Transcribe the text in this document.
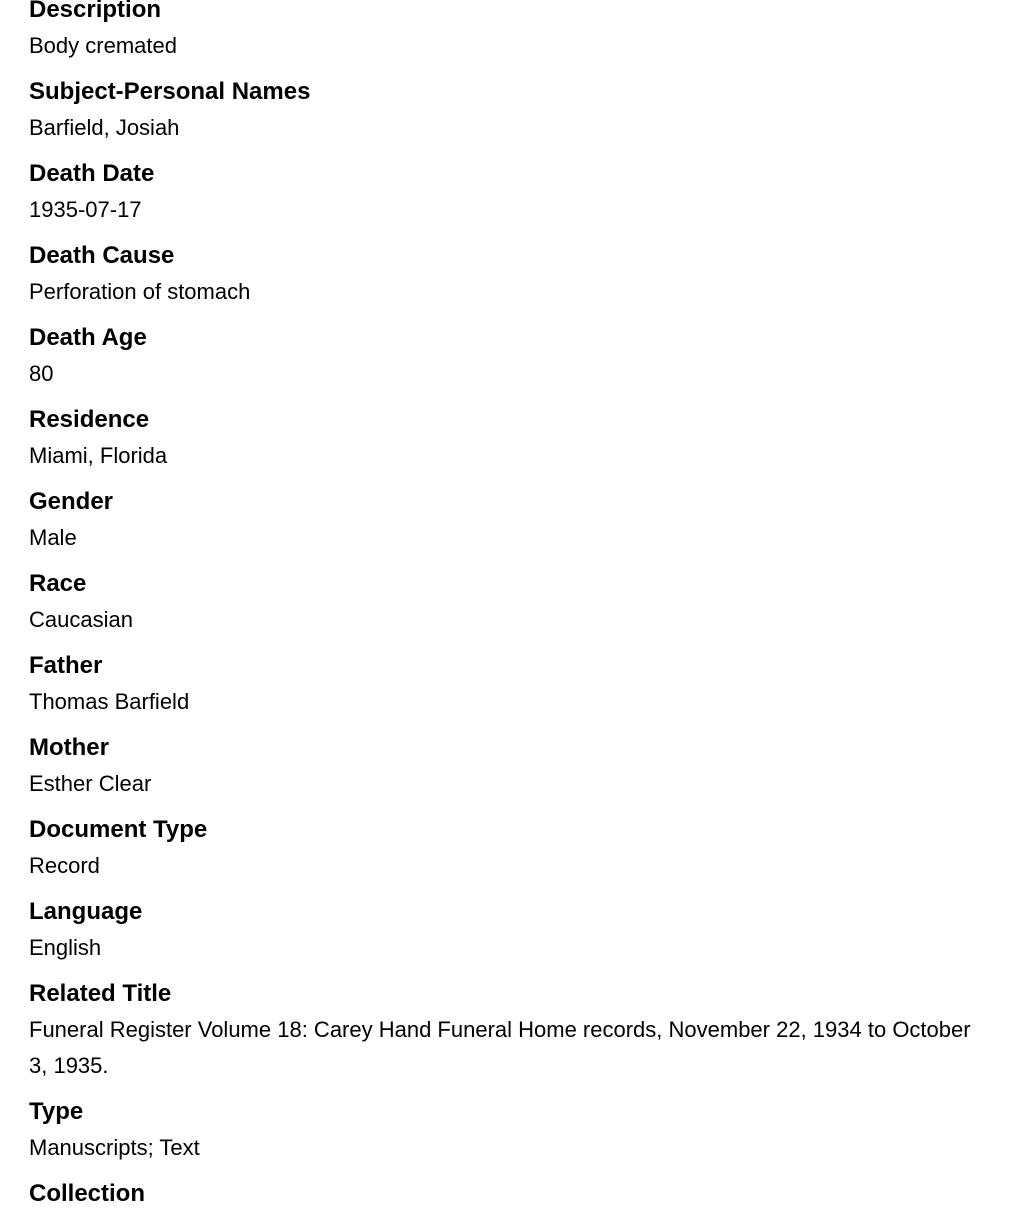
Description
Body cremated
Subject-Personal Names
Barfield, Josiah
Death Date
1935-07-17
Death Cause
Perforation of stomach
Death Age
80
Residence
Miami, Florida
Gender
Male
Race
Caucasian
Father
Thomas Barfield
Mother
Esther Clear
Document Type
Record
Language
English
Related Title
Funeral Register Volume 18: Carey Hand Funeral Home records, November 22, 1934 to October 3, 1935.
Type
Manuscripts; Text
Collection
